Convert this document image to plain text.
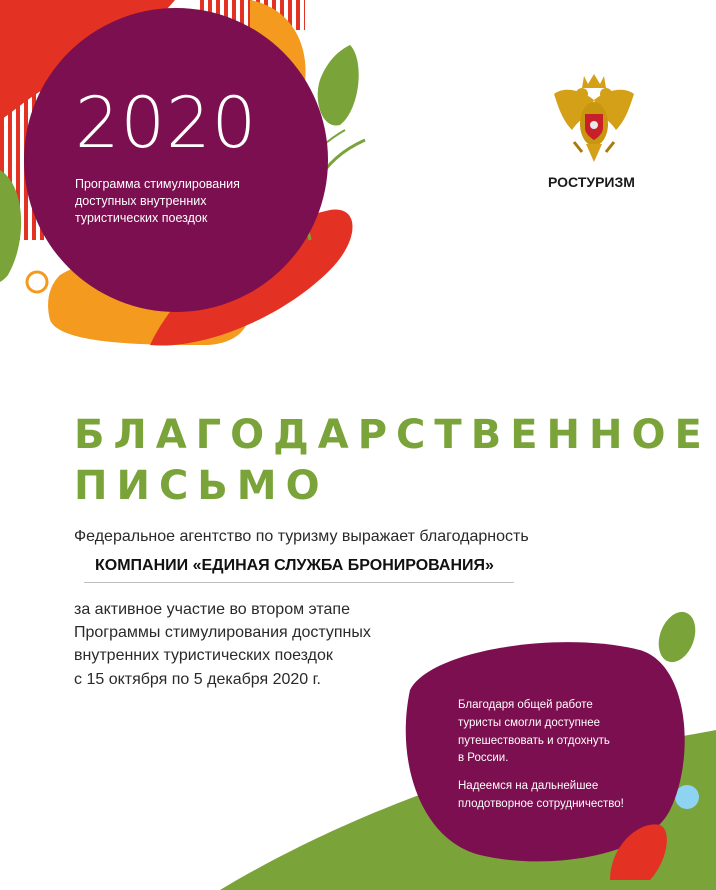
2020
Программа стимулирования
доступных внутренних
туристических поездок
РОСТУРИЗМ
БЛАГОДАРСТВЕННОЕ
ПИСЬМО
Федеральное агентство по туризму выражает благодарность
КОМПАНИИ «ЕДИНАЯ СЛУЖБА БРОНИРОВАНИЯ»
за активное участие во втором этапе
Программы стимулирования доступных
внутренних туристических поездок
с 15 октября по 5 декабря 2020 г.

Благодаря общей работе
туристы смогли доступнее
путешествовать и отдохнуть
в России.

Надеемся на дальнейшее
плодотворное сотрудничество!
